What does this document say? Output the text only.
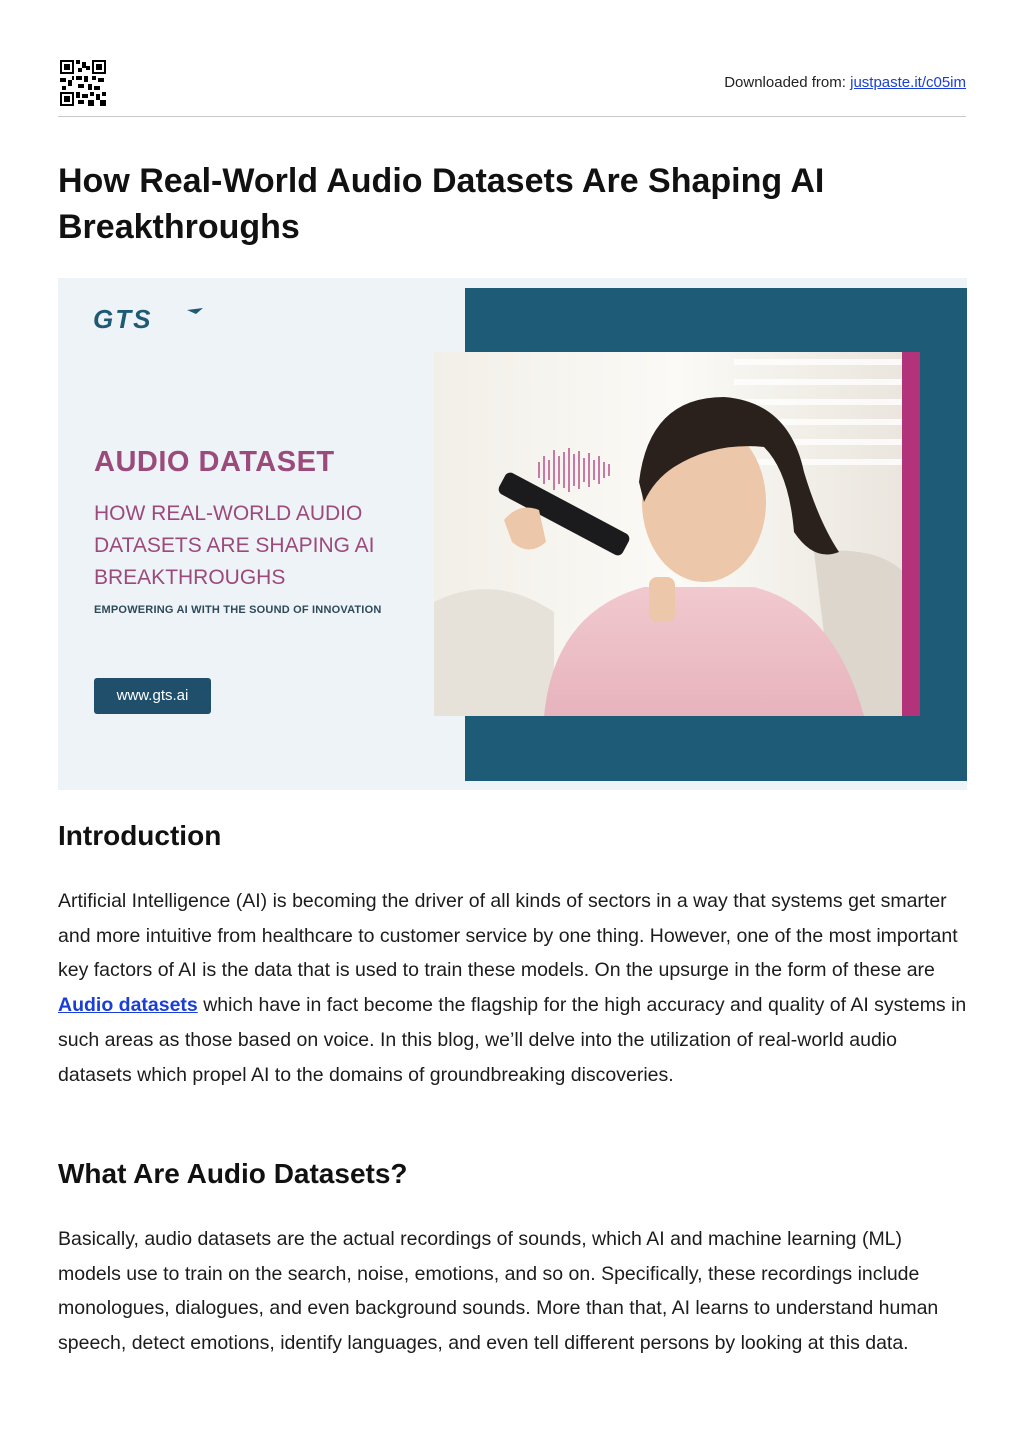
Downloaded from: justpaste.it/c05im
How Real-World Audio Datasets Are Shaping AI Breakthroughs
GTS
AUDIO DATASET
HOW REAL-WORLD AUDIO DATASETS ARE SHAPING AI BREAKTHROUGHS
EMPOWERING AI WITH THE SOUND OF INNOVATION
www.gts.ai
Introduction

Artificial Intelligence (AI) is becoming the driver of all kinds of sectors in a way that systems get smarter and more intuitive from healthcare to customer service by one thing. However, one of the most important key factors of AI is the data that is used to train these models. On the upsurge in the form of these are Audio datasets which have in fact become the flagship for the high accuracy and quality of AI systems in such areas as those based on voice. In this blog, we’ll delve into the utilization of real-world audio datasets which propel AI to the domains of groundbreaking discoveries.

What Are Audio Datasets?

Basically, audio datasets are the actual recordings of sounds, which AI and machine learning (ML) models use to train on the search, noise, emotions, and so on. Specifically, these recordings include monologues, dialogues, and even background sounds. More than that, AI learns to understand human speech, detect emotions, identify languages, and even tell different persons by looking at this data.
